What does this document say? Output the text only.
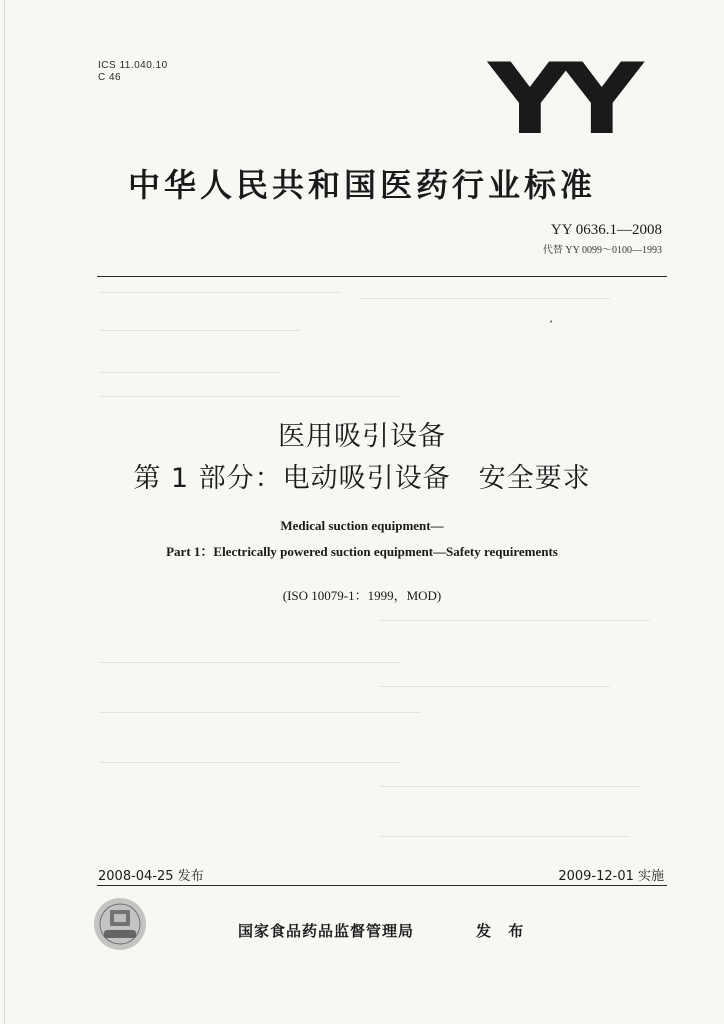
ICS 11.040.10
C 46	YY
中华人民共和国医药行业标准
YY 0636.1—2008
代替 YY 0099～0100—1993
•
医用吸引设备
第 1 部分：电动吸引设备　安全要求
Medical suction equipment—
Part 1：Electrically powered suction equipment—Safety requirements
(ISO 10079-1：1999，MOD)
2008-04-25 发布	2009-12-01 实施
国家食品药品监督管理局	发 布
